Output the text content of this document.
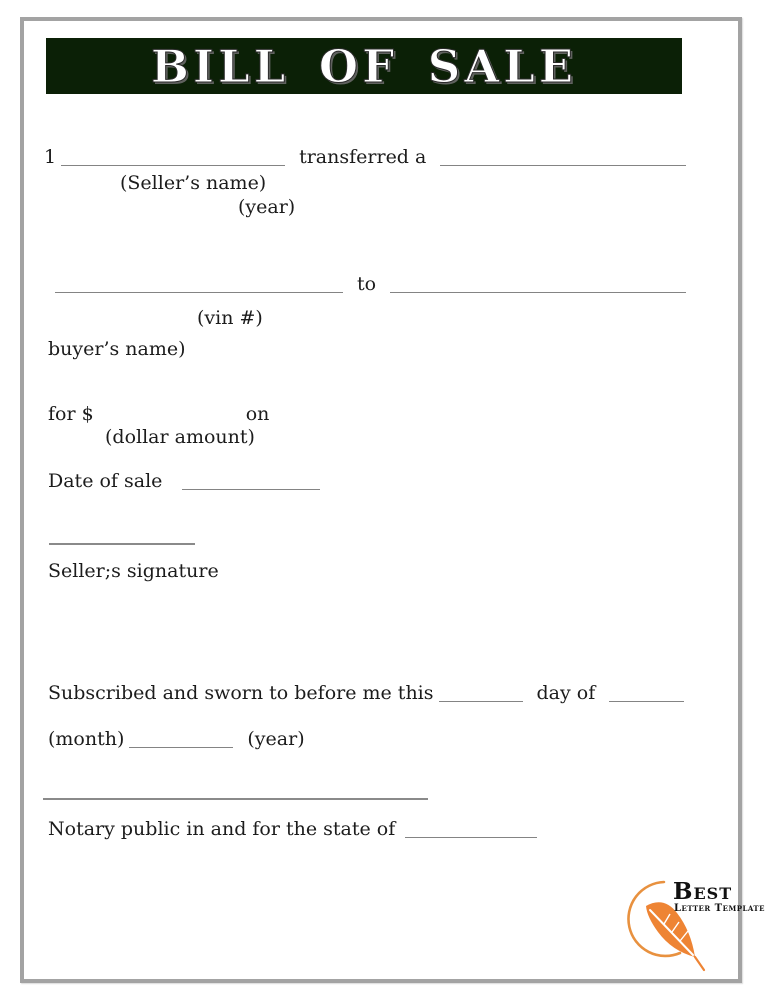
BILL OF SALE
1	transferred a
(Seller’s name)
(year)
to
(vin #)
buyer’s name)
for $	on
(dollar amount)
Date of sale
Seller;s signature
Subscribed and sworn to before me this	day of
(month)	(year)
Notary public in and for the state of
Best
Letter Template
